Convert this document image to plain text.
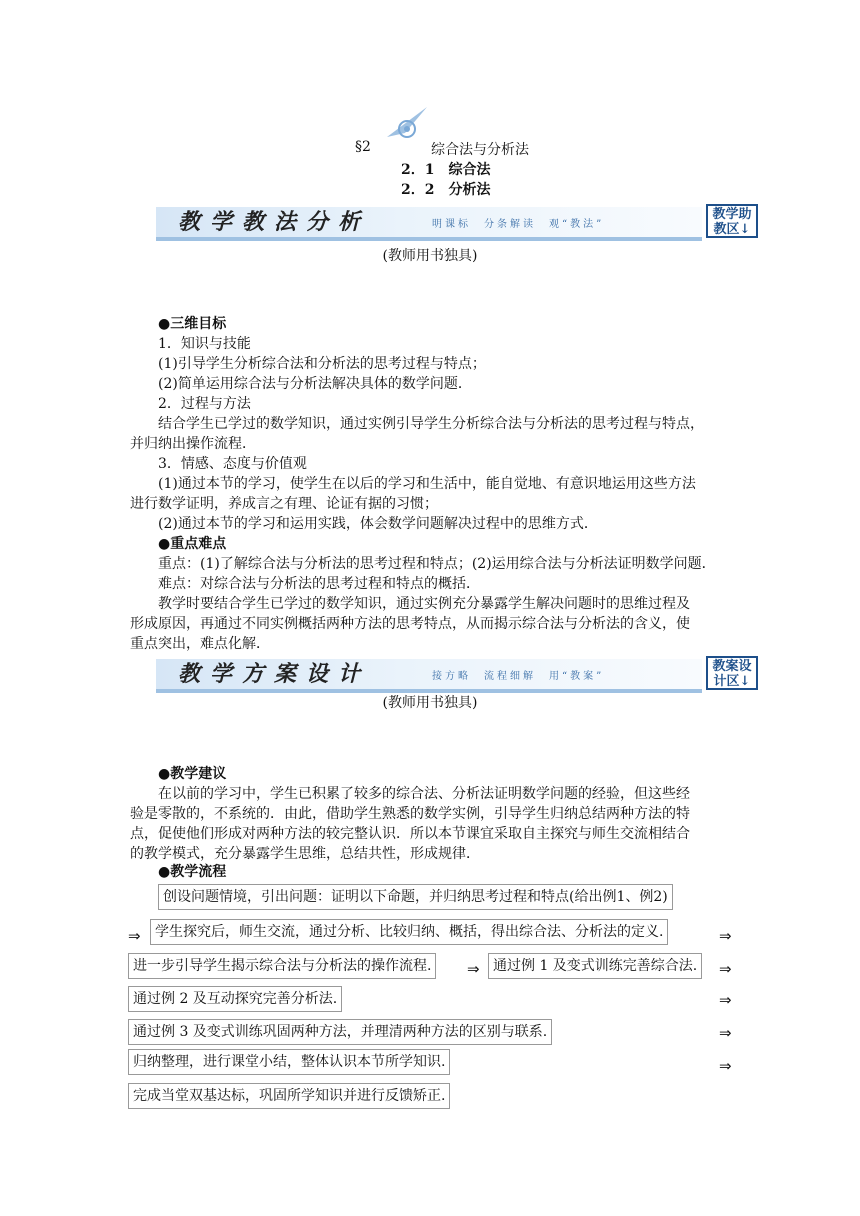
§2	综合法与分析法
2．1　综合法
2．2　分析法
教学教法分析	明课标　分条解读　观“教法”
教学助
教区↓
(教师用书独具)
●三维目标
1．知识与技能
(1)引导学生分析综合法和分析法的思考过程与特点；
(2)简单运用综合法与分析法解决具体的数学问题．
2．过程与方法
结合学生已学过的数学知识，通过实例引导学生分析综合法与分析法的思考过程与特点，
并归纳出操作流程．
3．情感、态度与价值观
(1)通过本节的学习，使学生在以后的学习和生活中，能自觉地、有意识地运用这些方法
进行数学证明，养成言之有理、论证有据的习惯；
(2)通过本节的学习和运用实践，体会数学问题解决过程中的思维方式．
●重点难点
重点：(1)了解综合法与分析法的思考过程和特点；(2)运用综合法与分析法证明数学问题．
难点：对综合法与分析法的思考过程和特点的概括．
教学时要结合学生已学过的数学知识，通过实例充分暴露学生解决问题时的思维过程及
形成原因，再通过不同实例概括两种方法的思考特点，从而揭示综合法与分析法的含义，使
重点突出，难点化解．
教学方案设计	接方略　流程细解　用“教案”
教案设
计区↓
(教师用书独具)
●教学建议
在以前的学习中，学生已积累了较多的综合法、分析法证明数学问题的经验，但这些经
验是零散的，不系统的．由此，借助学生熟悉的数学实例，引导学生归纳总结两种方法的特
点，促使他们形成对两种方法的较完整认识．所以本节课宜采取自主探究与师生交流相结合
的教学模式，充分暴露学生思维，总结共性，形成规律．
●教学流程
创设问题情境，引出问题：证明以下命题，并归纳思考过程和特点(给出例1、例2)
⇒	学生探究后，师生交流，通过分析、比较归纳、概括，得出综合法、分析法的定义.	⇒
进一步引导学生揭示综合法与分析法的操作流程.	⇒ 通过例 1 及变式训练完善综合法.	⇒
通过例 2 及互动探究完善分析法.	⇒
通过例 3 及变式训练巩固两种方法，并理清两种方法的区别与联系.	⇒
归纳整理，进行课堂小结，整体认识本节所学知识.	⇒
完成当堂双基达标，巩固所学知识并进行反馈矫正.
